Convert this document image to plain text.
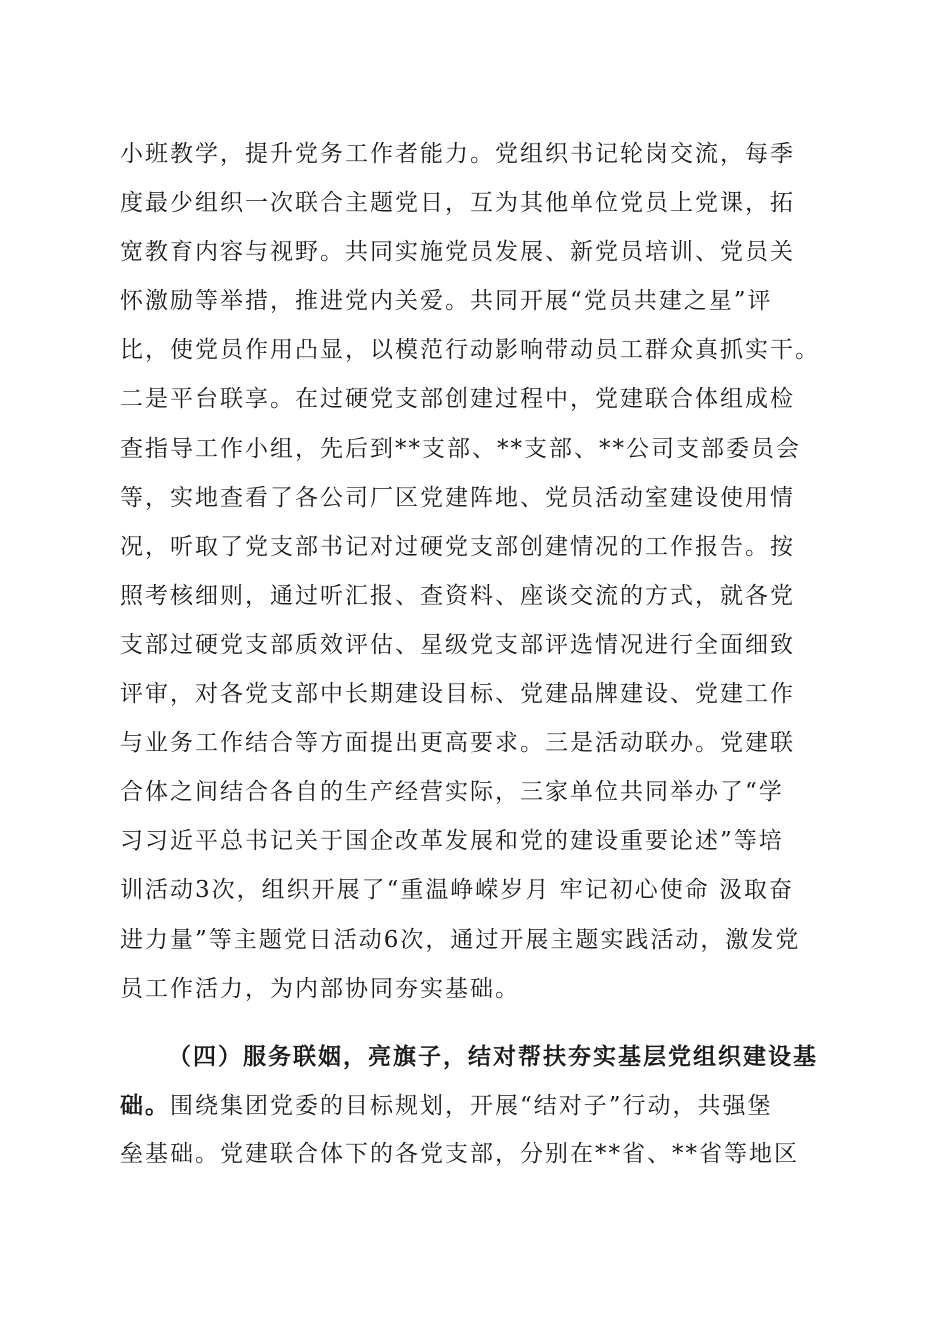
小班教学，提升党务工作者能力。党组织书记轮岗交流，每季
度最少组织一次联合主题党日，互为其他单位党员上党课，拓
宽教育内容与视野。共同实施党员发展、新党员培训、党员关
怀激励等举措，推进党内关爱。共同开展“党员共建之星”评
比，使党员作用凸显，以模范行动影响带动员工群众真抓实干。
二是平台联享。在过硬党支部创建过程中，党建联合体组成检
查指导工作小组，先后到**支部、**支部、**公司支部委员会
等，实地查看了各公司厂区党建阵地、党员活动室建设使用情
况，听取了党支部书记对过硬党支部创建情况的工作报告。按
照考核细则，通过听汇报、查资料、座谈交流的方式，就各党
支部过硬党支部质效评估、星级党支部评选情况进行全面细致
评审，对各党支部中长期建设目标、党建品牌建设、党建工作
与业务工作结合等方面提出更高要求。三是活动联办。党建联
合体之间结合各自的生产经营实际，三家单位共同举办了“学
习习近平总书记关于国企改革发展和党的建设重要论述”等培
训活动3次，组织开展了“重温峥嵘岁月 牢记初心使命 汲取奋
进力量”等主题党日活动6次，通过开展主题实践活动，激发党
员工作活力，为内部协同夯实基础。
（四）服务联姻，亮旗子，结对帮扶夯实基层党组织建设基
础。围绕集团党委的目标规划，开展“结对子”行动，共强堡
垒基础。党建联合体下的各党支部，分别在**省、**省等地区
